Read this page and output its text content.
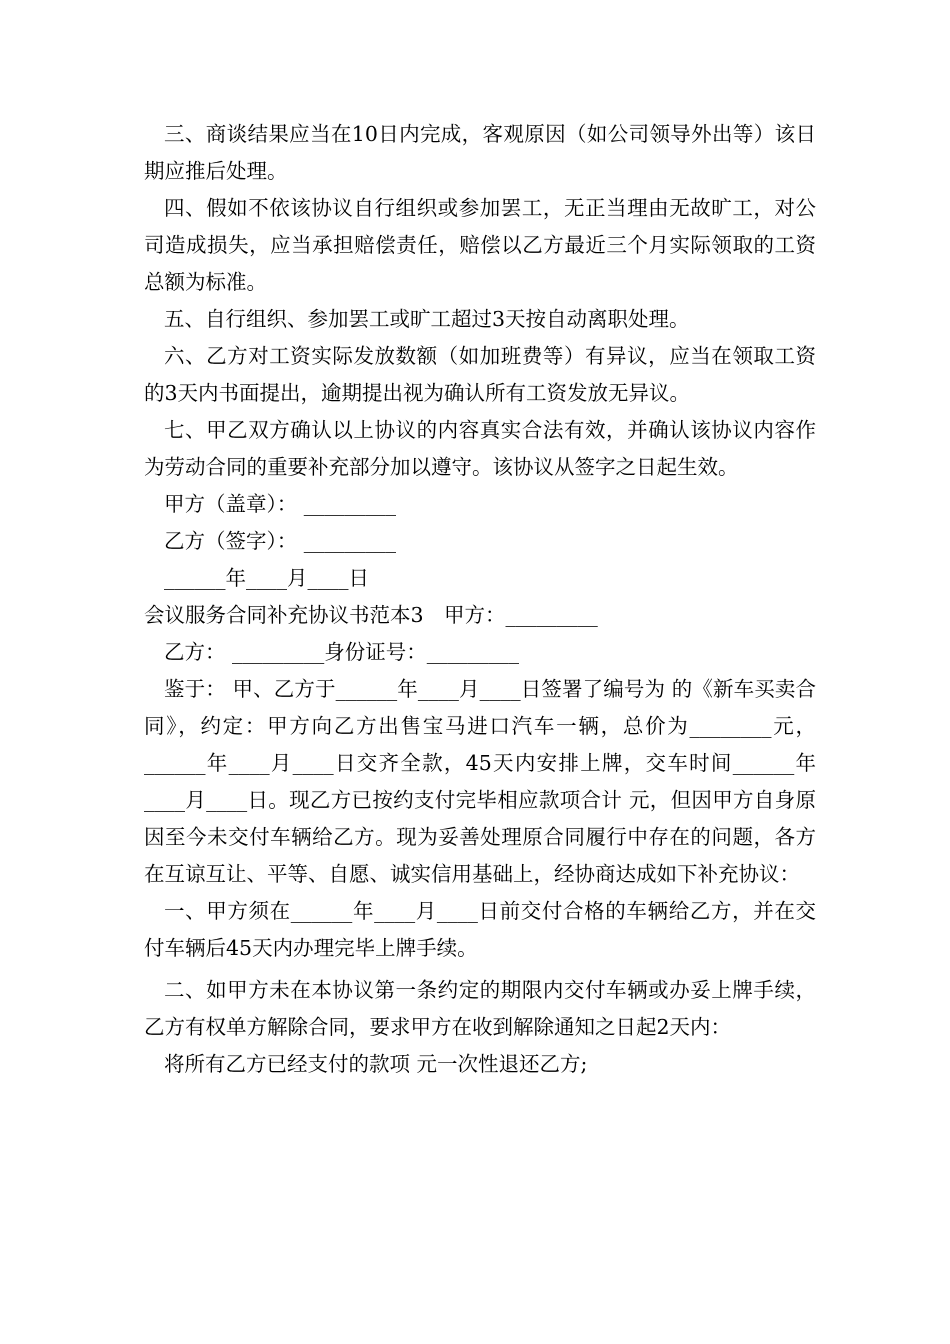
三、商谈结果应当在10日内完成，客观原因（如公司领导外出等）该日期应推后处理。

四、假如不依该协议自行组织或参加罢工，无正当理由无故旷工，对公司造成损失，应当承担赔偿责任，赔偿以乙方最近三个月实际领取的工资总额为标准。

五、自行组织、参加罢工或旷工超过3天按自动离职处理。

六、乙方对工资实际发放数额（如加班费等）有异议，应当在领取工资的3天内书面提出，逾期提出视为确认所有工资发放无异议。

七、甲乙双方确认以上协议的内容真实合法有效，并确认该协议内容作为劳动合同的重要补充部分加以遵守。该协议从签字之日起生效。

甲方（盖章）： _________

乙方（签字）： _________

______年____月____日

会议服务合同补充协议书范本3　甲方：_________

乙方： _________身份证号：_________

鉴于： 甲、乙方于______年____月____日签署了编号为 的《新车买卖合同》，约定：甲方向乙方出售宝马进口汽车一辆，总价为________元，______年____月____日交齐全款，45天内安排上牌，交车时间______年____月____日。现乙方已按约支付完毕相应款项合计 元，但因甲方自身原因至今未交付车辆给乙方。现为妥善处理原合同履行中存在的问题，各方在互谅互让、平等、自愿、诚实信用基础上，经协商达成如下补充协议：

一、甲方须在______年____月____日前交付合格的车辆给乙方，并在交付车辆后45天内办理完毕上牌手续。

二、如甲方未在本协议第一条约定的期限内交付车辆或办妥上牌手续，乙方有权单方解除合同，要求甲方在收到解除通知之日起2天内：

将所有乙方已经支付的款项 元一次性退还乙方;
